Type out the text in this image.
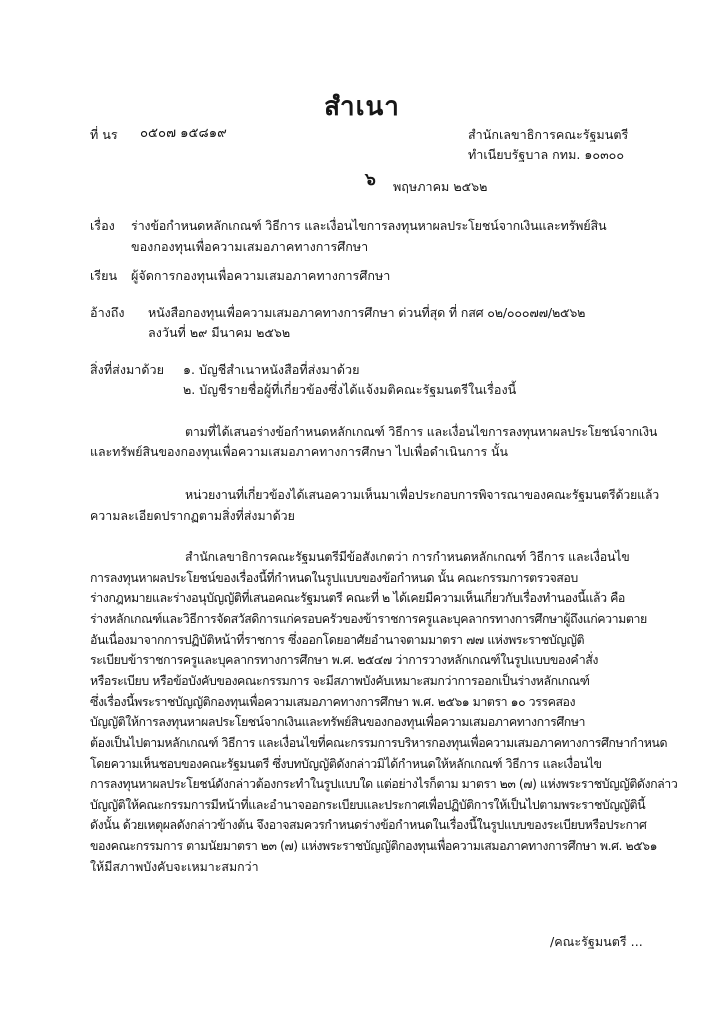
สำเนา
ที่ นร ๐๕๐๗ ๑๕๘๑๙	สำนักเลขาธิการคณะรัฐมนตรี
ทำเนียบรัฐบาล กทม. ๑๐๓๐๐
๖ พฤษภาคม ๒๕๖๒
เรื่อง ร่างข้อกำหนดหลักเกณฑ์ วิธีการ และเงื่อนไขการลงทุนหาผลประโยชน์จากเงินและทรัพย์สิน
ของกองทุนเพื่อความเสมอภาคทางการศึกษา
เรียน ผู้จัดการกองทุนเพื่อความเสมอภาคทางการศึกษา
อ้างถึง หนังสือกองทุนเพื่อความเสมอภาคทางการศึกษา ด่วนที่สุด ที่ กสศ ๐๒/๐๐๐๗๗/๒๕๖๒
ลงวันที่ ๒๙ มีนาคม ๒๕๖๒
สิ่งที่ส่งมาด้วย ๑. บัญชีสำเนาหนังสือที่ส่งมาด้วย
๒. บัญชีรายชื่อผู้ที่เกี่ยวข้องซึ่งได้แจ้งมติคณะรัฐมนตรีในเรื่องนี้
ตามที่ได้เสนอร่างข้อกำหนดหลักเกณฑ์ วิธีการ และเงื่อนไขการลงทุนหาผลประโยชน์จากเงิน
และทรัพย์สินของกองทุนเพื่อความเสมอภาคทางการศึกษา ไปเพื่อดำเนินการ นั้น
หน่วยงานที่เกี่ยวข้องได้เสนอความเห็นมาเพื่อประกอบการพิจารณาของคณะรัฐมนตรีด้วยแล้ว
ความละเอียดปรากฏตามสิ่งที่ส่งมาด้วย
สำนักเลขาธิการคณะรัฐมนตรีมีข้อสังเกตว่า การกำหนดหลักเกณฑ์ วิธีการ และเงื่อนไข
การลงทุนหาผลประโยชน์ของเรื่องนี้ที่กำหนดในรูปแบบของข้อกำหนด นั้น คณะกรรมการตรวจสอบ
ร่างกฎหมายและร่างอนุบัญญัติที่เสนอคณะรัฐมนตรี คณะที่ ๒ ได้เคยมีความเห็นเกี่ยวกับเรื่องทำนองนี้แล้ว คือ
ร่างหลักเกณฑ์และวิธีการจัดสวัสดิการแก่ครอบครัวของข้าราชการครูและบุคลากรทางการศึกษาผู้ถึงแก่ความตาย
อันเนื่องมาจากการปฏิบัติหน้าที่ราชการ ซึ่งออกโดยอาศัยอำนาจตามมาตรา ๗๗ แห่งพระราชบัญญัติ
ระเบียบข้าราชการครูและบุคลากรทางการศึกษา พ.ศ. ๒๕๔๗ ว่าการวางหลักเกณฑ์ในรูปแบบของคำสั่ง
หรือระเบียบ หรือข้อบังคับของคณะกรรมการ จะมีสภาพบังคับเหมาะสมกว่าการออกเป็นร่างหลักเกณฑ์
ซึ่งเรื่องนี้พระราชบัญญัติกองทุนเพื่อความเสมอภาคทางการศึกษา พ.ศ. ๒๕๖๑ มาตรา ๑๐ วรรคสอง
บัญญัติให้การลงทุนหาผลประโยชน์จากเงินและทรัพย์สินของกองทุนเพื่อความเสมอภาคทางการศึกษา
ต้องเป็นไปตามหลักเกณฑ์ วิธีการ และเงื่อนไขที่คณะกรรมการบริหารกองทุนเพื่อความเสมอภาคทางการศึกษากำหนด
โดยความเห็นชอบของคณะรัฐมนตรี ซึ่งบทบัญญัติดังกล่าวมิได้กำหนดให้หลักเกณฑ์ วิธีการ และเงื่อนไข
การลงทุนหาผลประโยชน์ดังกล่าวต้องกระทำในรูปแบบใด แต่อย่างไรก็ตาม มาตรา ๒๓ (๗) แห่งพระราชบัญญัติดังกล่าว
บัญญัติให้คณะกรรมการมีหน้าที่และอำนาจออกระเบียบและประกาศเพื่อปฏิบัติการให้เป็นไปตามพระราชบัญญัตินี้
ดังนั้น ด้วยเหตุผลดังกล่าวข้างต้น จึงอาจสมควรกำหนดร่างข้อกำหนดในเรื่องนี้ในรูปแบบของระเบียบหรือประกาศ
ของคณะกรรมการ ตามนัยมาตรา ๒๓ (๗) แห่งพระราชบัญญัติกองทุนเพื่อความเสมอภาคทางการศึกษา พ.ศ. ๒๕๖๑
ให้มีสภาพบังคับจะเหมาะสมกว่า
/คณะรัฐมนตรี ...
